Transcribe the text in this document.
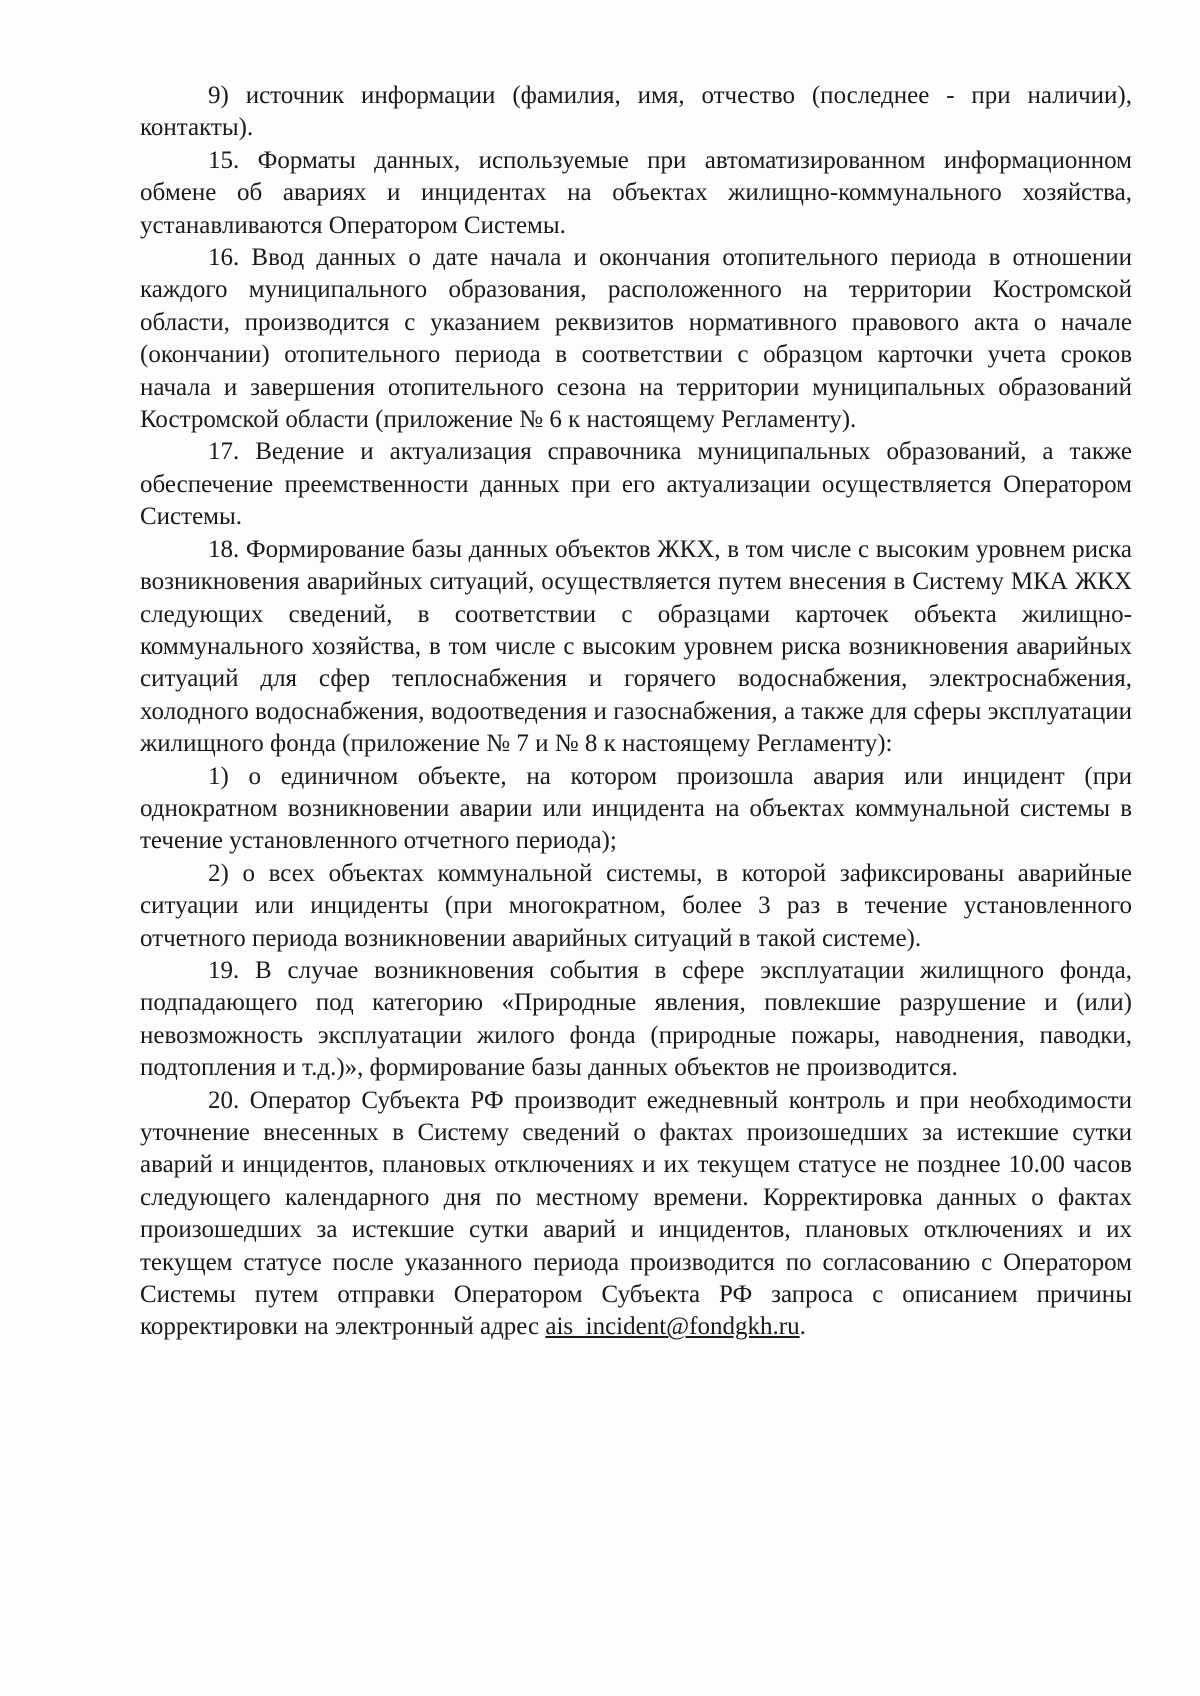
9) источник информации (фамилия, имя, отчество (последнее - при наличии), контакты).

15. Форматы данных, используемые при автоматизированном информационном обмене об авариях и инцидентах на объектах жилищно-коммунального хозяйства, устанавливаются Оператором Системы.

16. Ввод данных о дате начала и окончания отопительного периода в отношении каждого муниципального образования, расположенного на территории Костромской области, производится с указанием реквизитов нормативного правового акта о начале (окончании) отопительного периода в соответствии с образцом карточки учета сроков начала и завершения отопительного сезона на территории муниципальных образований Костромской области (приложение № 6 к настоящему Регламенту).

17. Ведение и актуализация справочника муниципальных образований, а также обеспечение преемственности данных при его актуализации осуществляется Оператором Системы.

18. Формирование базы данных объектов ЖКХ, в том числе с высоким уровнем риска возникновения аварийных ситуаций, осуществляется путем внесения в Систему МКА ЖКХ следующих сведений, в соответствии с образцами карточек объекта жилищно-коммунального хозяйства, в том числе с высоким уровнем риска возникновения аварийных ситуаций для сфер теплоснабжения и горячего водоснабжения, электроснабжения, холодного водоснабжения, водоотведения и газоснабжения, а также для сферы эксплуатации жилищного фонда (приложение № 7 и № 8 к настоящему Регламенту):

1) о единичном объекте, на котором произошла авария или инцидент (при однократном возникновении аварии или инцидента на объектах коммунальной системы в течение установленного отчетного периода);

2) о всех объектах коммунальной системы, в которой зафиксированы аварийные ситуации или инциденты (при многократном, более 3 раз в течение установленного отчетного периода возникновении аварийных ситуаций в такой системе).

19. В случае возникновения события в сфере эксплуатации жилищного фонда, подпадающего под категорию «Природные явления, повлекшие разрушение и (или) невозможность эксплуатации жилого фонда (природные пожары, наводнения, паводки, подтопления и т.д.)», формирование базы данных объектов не производится.

20. Оператор Субъекта РФ производит ежедневный контроль и при необходимости уточнение внесенных в Систему сведений о фактах произошедших за истекшие сутки аварий и инцидентов, плановых отключениях и их текущем статусе не позднее 10.00 часов следующего календарного дня по местному времени. Корректировка данных о фактах произошедших за истекшие сутки аварий и инцидентов, плановых отключениях и их текущем статусе после указанного периода производится по согласованию с Оператором Системы путем отправки Оператором Субъекта РФ запроса с описанием причины корректировки на электронный адрес ais_incident@fondgkh.ru.
